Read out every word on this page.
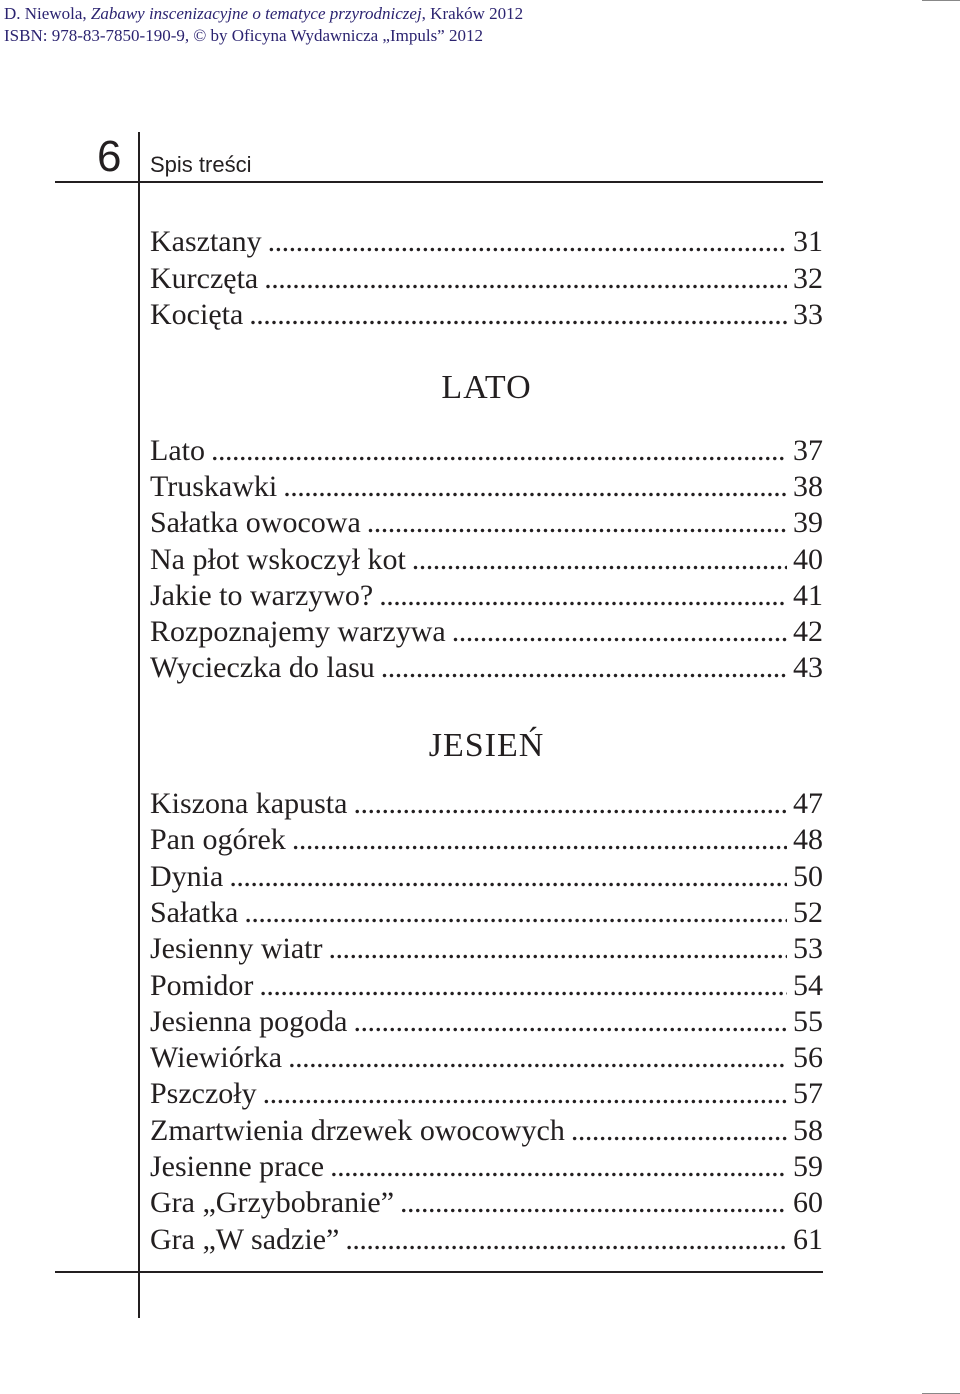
D. Niewola, Zabawy inscenizacyjne o tematyce przyrodniczej, Kraków 2012
ISBN: 978-83-7850-190-9, © by Oficyna Wydawnicza „Impuls” 2012
6 Spis treści
Kasztany . . .	31
Kurczęta . . .	32
Kocięta . . .	33
LATO
Lato . . .	37
Truskawki . . .	38
Sałatka owocowa . . .	39
Na płot wskoczył kot . . .	40
Jakie to warzywo? . . .	41
Rozpoznajemy warzywa . . .	42
Wycieczka do lasu . . .	43
JESIEŃ
Kiszona kapusta . . .	47
Pan ogórek . . .	48
Dynia . . .	50
Sałatka . . .	52
Jesienny wiatr . . .	53
Pomidor . . .	54
Jesienna pogoda . . .	55
Wiewiórka . . .	56
Pszczoły . . .	57
Zmartwienia drzewek owocowych . . .	58
Jesienne prace . . .	59
Gra „Grzybobranie” . . .	60
Gra „W sadzie” . . .	61
